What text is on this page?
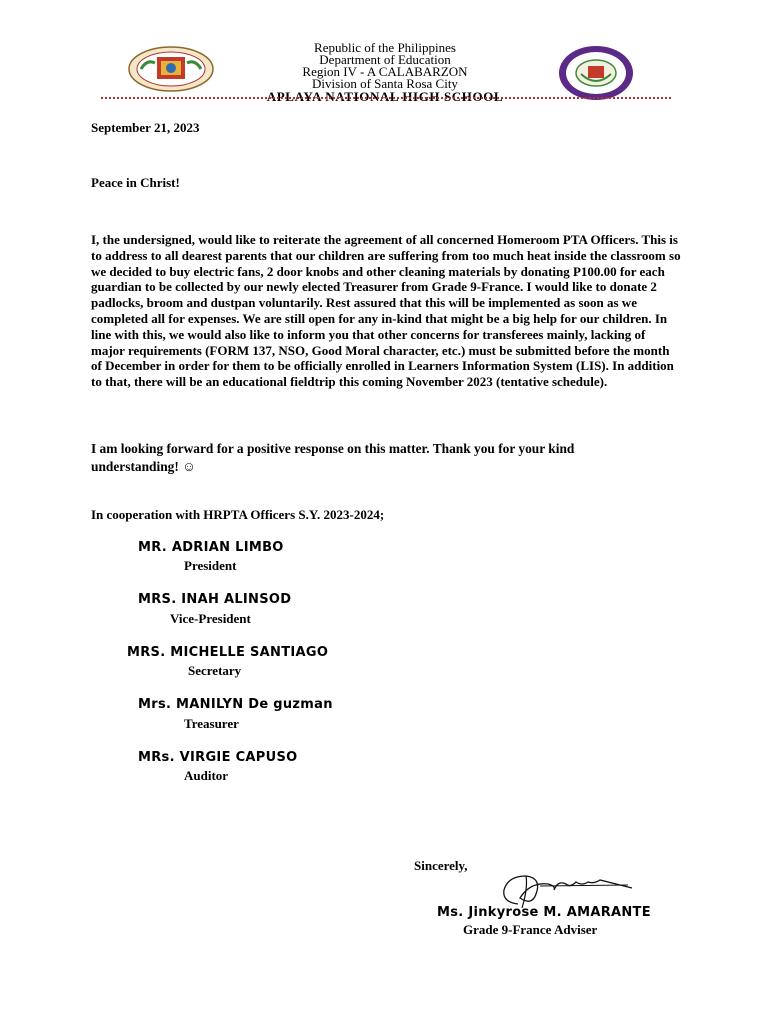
Republic of the Philippines
Department of Education
Region IV - A CALABARZON
Division of Santa Rosa City
APLAYA NATIONAL HIGH SCHOOL
September 21, 2023
Peace in Christ!
I, the undersigned, would like to reiterate the agreement of all concerned Homeroom PTA Officers. This is to address to all dearest parents that our children are suffering from too much heat inside the classroom so we decided to buy electric fans, 2 door knobs and other cleaning materials by donating P100.00 for each guardian to be collected by our newly elected Treasurer from Grade 9-France. I would like to donate 2 padlocks, broom and dustpan voluntarily. Rest assured that this will be implemented as soon as we completed all for expenses. We are still open for any in-kind that might be a big help for our children. In line with this, we would also like to inform you that other concerns for transferees mainly, lacking of major requirements (FORM 137, NSO, Good Moral character, etc.) must be submitted before the month of December in order for them to be officially enrolled in Learners Information System (LIS). In addition to that, there will be an educational fieldtrip this coming November 2023 (tentative schedule).
I am looking forward for a positive response on this matter. Thank you for your kind understanding! ☺
In cooperation with HRPTA Officers S.Y. 2023-2024;
MR. ADRIAN LIMBO
President
MRS. INAH ALINSOD
Vice-President
MRS. MICHELLE SANTIAGO
Secretary
Mrs. MANILYN De guzman
Treasurer
MRs. VIRGIE CAPUSO
Auditor
Sincerely,
Ms. Jinkyrose M. AMARANTE
Grade 9-France Adviser
